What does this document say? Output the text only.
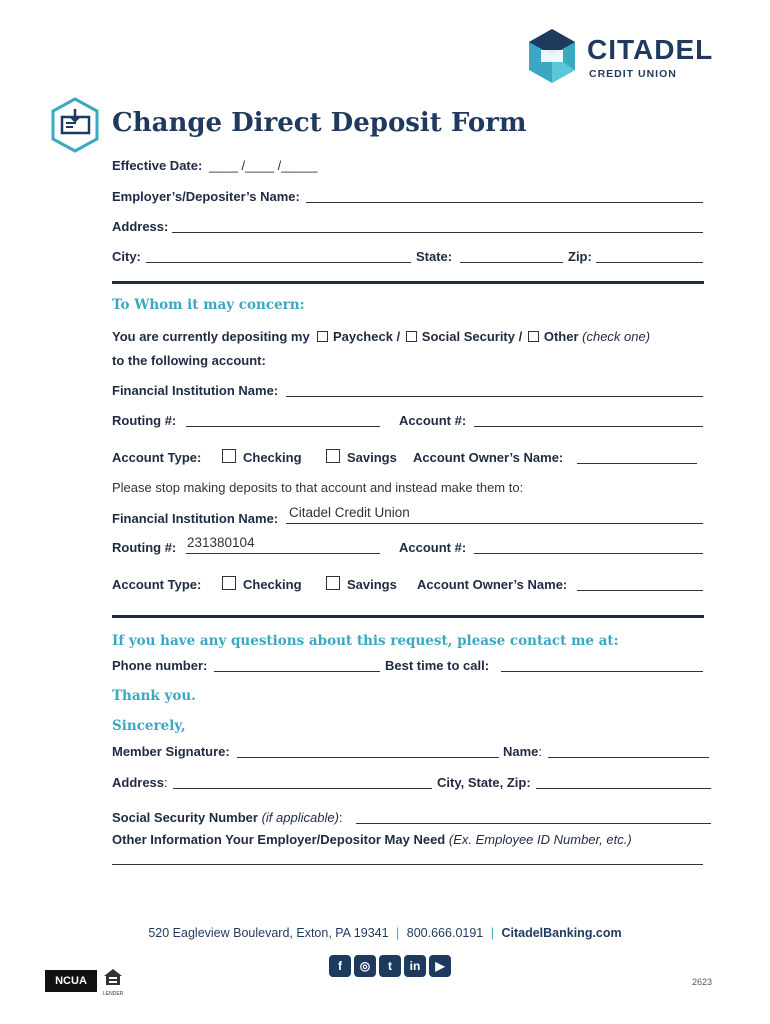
CITADEL
CREDIT UNION
Change Direct Deposit Form
Effective Date: ____ /____ /_____
Employer’s/Depositer’s Name:
Address:
City:	State:	Zip:
To Whom it may concern:
You are currently depositing my Paycheck / Social Security / Other (check one)
to the following account:
Financial Institution Name:
Routing #:	Account #:
Account Type:	Checking	Savings Account Owner’s Name:
Please stop making deposits to that account and instead make them to:
Financial Institution Name: Citadel Credit Union
Routing #: 231380104	Account #:
Account Type:	Checking	Savings Account Owner’s Name:
If you have any questions about this request, please contact me at:
Phone number:	Best time to call:
Thank you.
Sincerely,
Member Signature:	Name:
Address:	City, State, Zip:
Social Security Number (if applicable):
Other Information Your Employer/Depositor May Need (Ex. Employee ID Number, etc.)
520 Eagleview Boulevard, Exton, PA 19341 | 800.666.0191 | CitadelBanking.com
f ◎ t in ▶
NCUA
LENDER
2623
